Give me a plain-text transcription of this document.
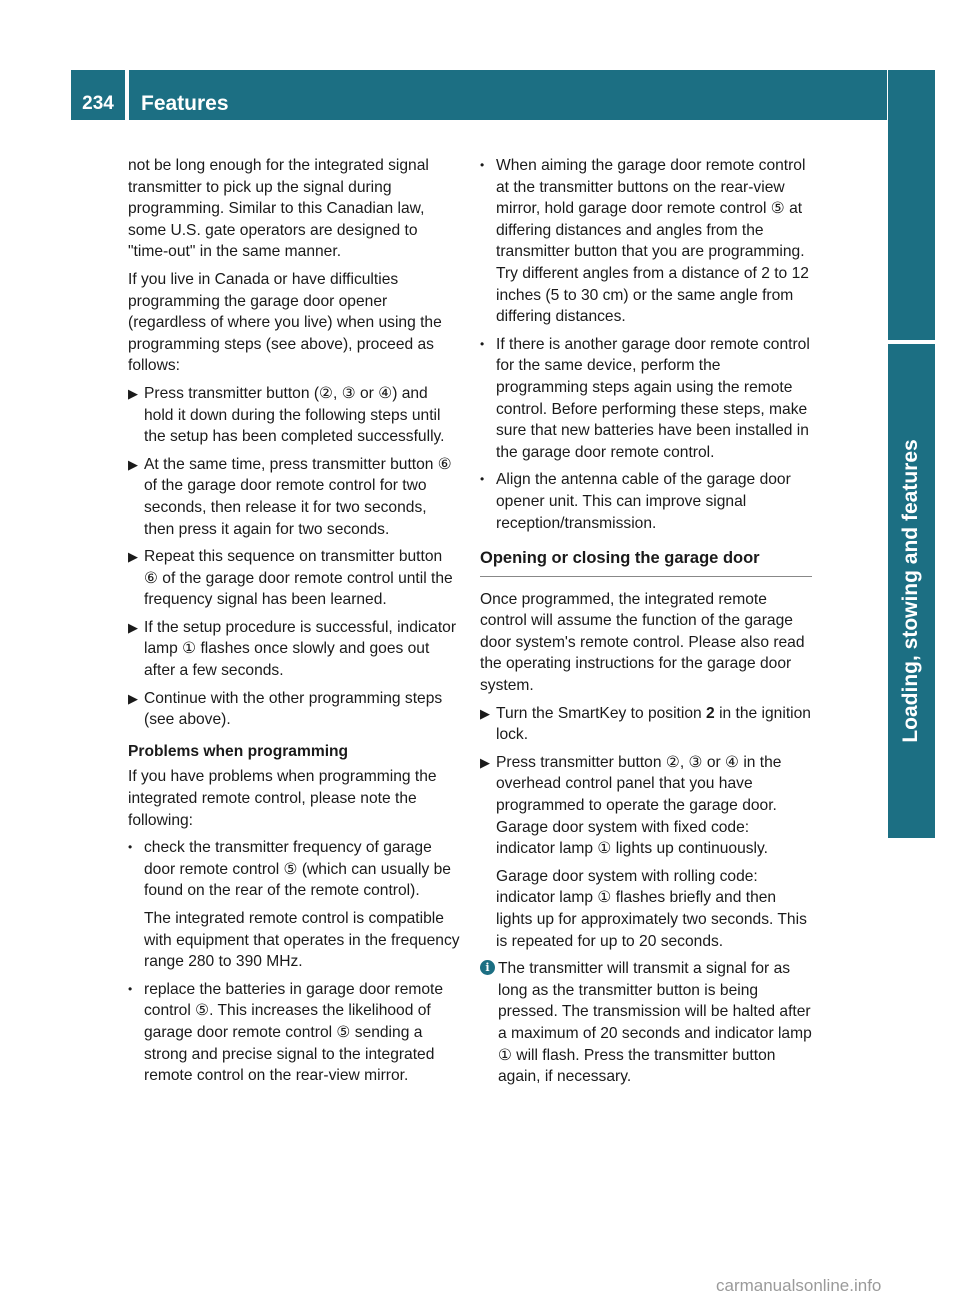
234	Features
Loading, stowing and features

not be long enough for the integrated signal transmitter to pick up the signal during programming. Similar to this Canadian law, some U.S. gate operators are designed to "time-out" in the same manner.

If you live in Canada or have difficulties programming the garage door opener (regardless of where you live) when using the programming steps (see above), proceed as follows:

▶ Press transmitter button (②, ③ or ④) and hold it down during the following steps until the setup has been completed successfully.
▶ At the same time, press transmitter button ⑥ of the garage door remote control for two seconds, then release it for two seconds, then press it again for two seconds.
▶ Repeat this sequence on transmitter button ⑥ of the garage door remote control until the frequency signal has been learned.
▶ If the setup procedure is successful, indicator lamp ① flashes once slowly and goes out after a few seconds.
▶ Continue with the other programming steps (see above).
Problems when programming

If you have problems when programming the integrated remote control, please note the following:

• check the transmitter frequency of garage door remote control ⑤ (which can usually be found on the rear of the remote control).
The integrated remote control is compatible with equipment that operates in the frequency range 280 to 390 MHz.
• replace the batteries in garage door remote control ⑤. This increases the likelihood of garage door remote control ⑤ sending a strong and precise signal to the integrated remote control on the rear-view mirror.
• When aiming the garage door remote control at the transmitter buttons on the rear-view mirror, hold garage door remote control ⑤ at differing distances and angles from the transmitter button that you are programming. Try different angles from a distance of 2 to 12 inches (5 to 30 cm) or the same angle from differing distances.
• If there is another garage door remote control for the same device, perform the programming steps again using the remote control. Before performing these steps, make sure that new batteries have been installed in the garage door remote control.
• Align the antenna cable of the garage door opener unit. This can improve signal reception/transmission.
Opening or closing the garage door

Once programmed, the integrated remote control will assume the function of the garage door system's remote control. Please also read the operating instructions for the garage door system.

▶ Turn the SmartKey to position 2 in the ignition lock.
▶ Press transmitter button ②, ③ or ④ in the overhead control panel that you have programmed to operate the garage door. Garage door system with fixed code: indicator lamp ① lights up continuously.
Garage door system with rolling code: indicator lamp ① flashes briefly and then lights up for approximately two seconds. This is repeated for up to 20 seconds.
i The transmitter will transmit a signal for as long as the transmitter button is being pressed. The transmission will be halted after a maximum of 20 seconds and indicator lamp ① will flash. Press the transmitter button again, if necessary.
carmanualsonline.info
